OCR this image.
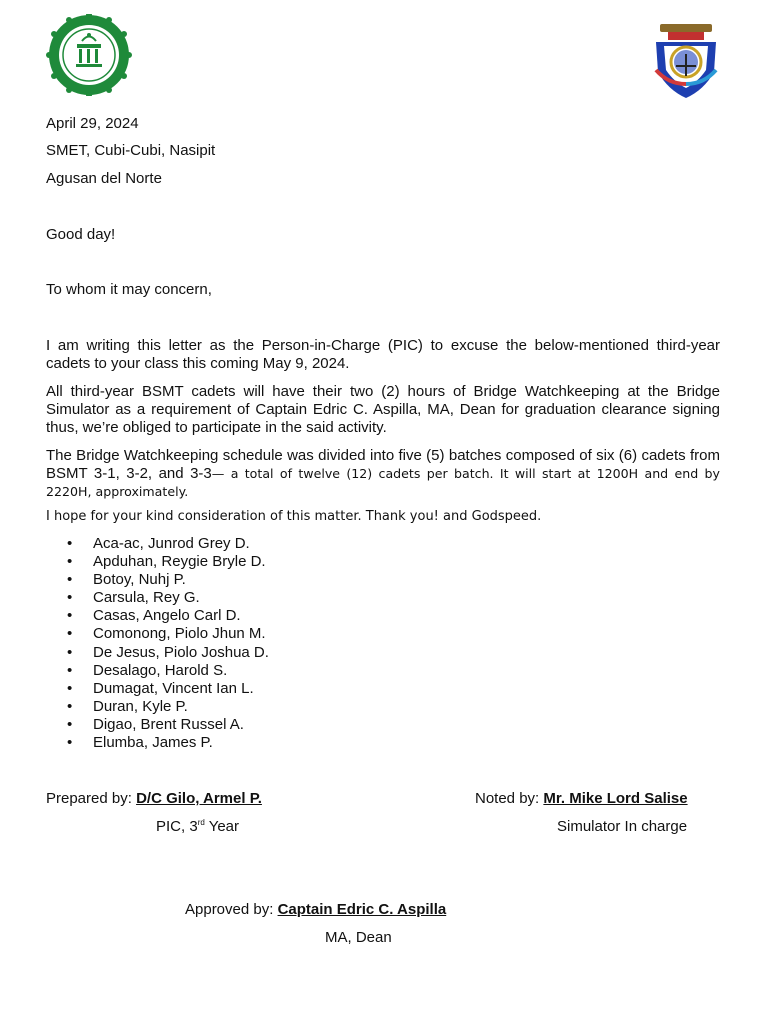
April 29, 2024

SMET, Cubi-Cubi, Nasipit

Agusan del Norte

Good day!

To whom it may concern,

I am writing this letter as the Person-in-Charge (PIC) to excuse the below-mentioned third-year cadets to your class this coming May 9, 2024.

All third-year BSMT cadets will have their two (2) hours of Bridge Watchkeeping at the Bridge Simulator as a requirement of Captain Edric C. Aspilla, MA, Dean for graduation clearance signing thus, we’re obliged to participate in the said activity.

The Bridge Watchkeeping schedule was divided into five (5) batches composed of six (6) cadets from BSMT 3-1, 3-2, and 3-3— a total of twelve (12) cadets per batch. It will start at 1200H and end by 2220H, approximately.

I hope for your kind consideration of this matter. Thank you! and Godspeed.

• Aca-ac, Junrod Grey D.
• Apduhan, Reygie Bryle D.
• Botoy, Nuhj P.
• Carsula, Rey G.
• Casas, Angelo Carl D.
• Comonong, Piolo Jhun M.
• De Jesus, Piolo Joshua D.
• Desalago, Harold S.
• Dumagat, Vincent Ian L.
• Duran, Kyle P.
• Digao, Brent Russel A.
• Elumba, James P.

Prepared by: D/C Gilo, Armel P.

PIC, 3rd Year

Noted by: Mr. Mike Lord Salise

Simulator In charge

Approved by: Captain Edric C. Aspilla

MA, Dean
